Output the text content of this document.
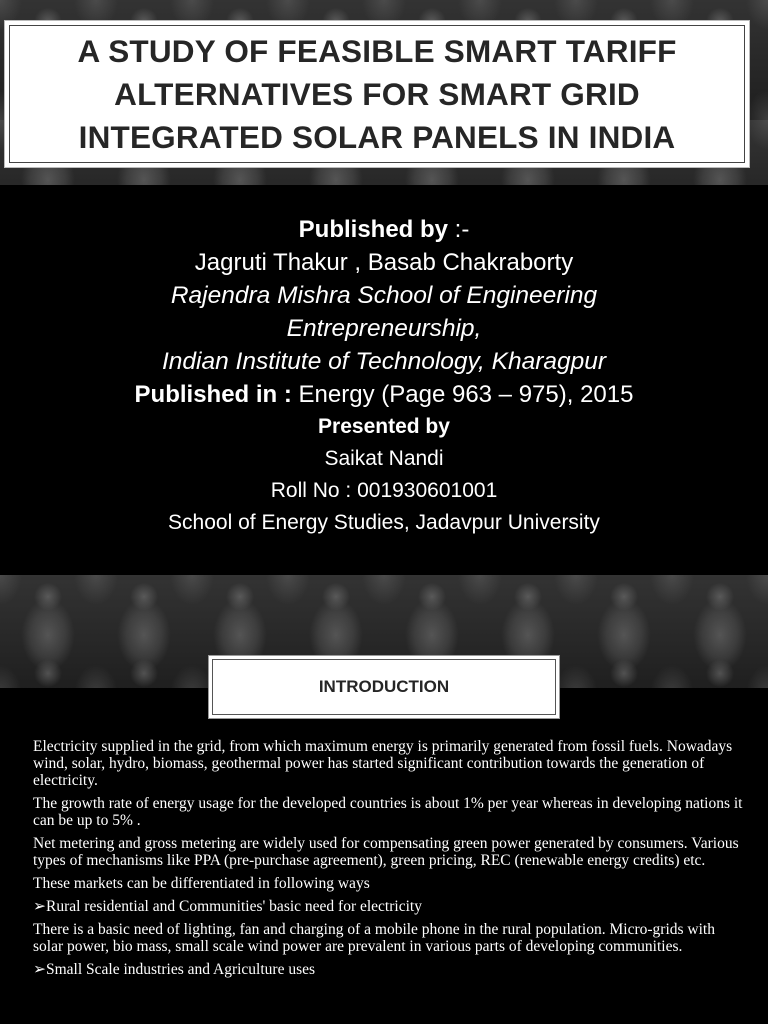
A STUDY OF FEASIBLE SMART TARIFF ALTERNATIVES FOR SMART GRID INTEGRATED SOLAR PANELS IN INDIA
Published by :-
Jagruti Thakur , Basab Chakraborty
Rajendra Mishra School of Engineering
Entrepreneurship,
Indian Institute of Technology, Kharagpur
Published in : Energy (Page 963 – 975), 2015
Presented by
Saikat Nandi
Roll No : 001930601001
School of Energy Studies, Jadavpur University
INTRODUCTION

Electricity supplied in the grid, from which maximum energy is primarily generated from fossil fuels. Nowadays wind, solar, hydro, biomass, geothermal power has started significant contribution towards the generation of electricity.

The growth rate of energy usage for the developed countries is about 1% per year whereas in developing nations it can be up to 5% .

Net metering and gross metering are widely used for compensating green power generated by consumers. Various types of mechanisms like PPA (pre-purchase agreement), green pricing, REC (renewable energy credits) etc.

These markets can be differentiated in following ways

➢Rural residential and Communities' basic need for electricity

There is a basic need of lighting, fan and charging of a mobile phone in the rural population. Micro-grids with solar power, bio mass, small scale wind power are prevalent in various parts of developing communities.

➢Small Scale industries and Agriculture uses
